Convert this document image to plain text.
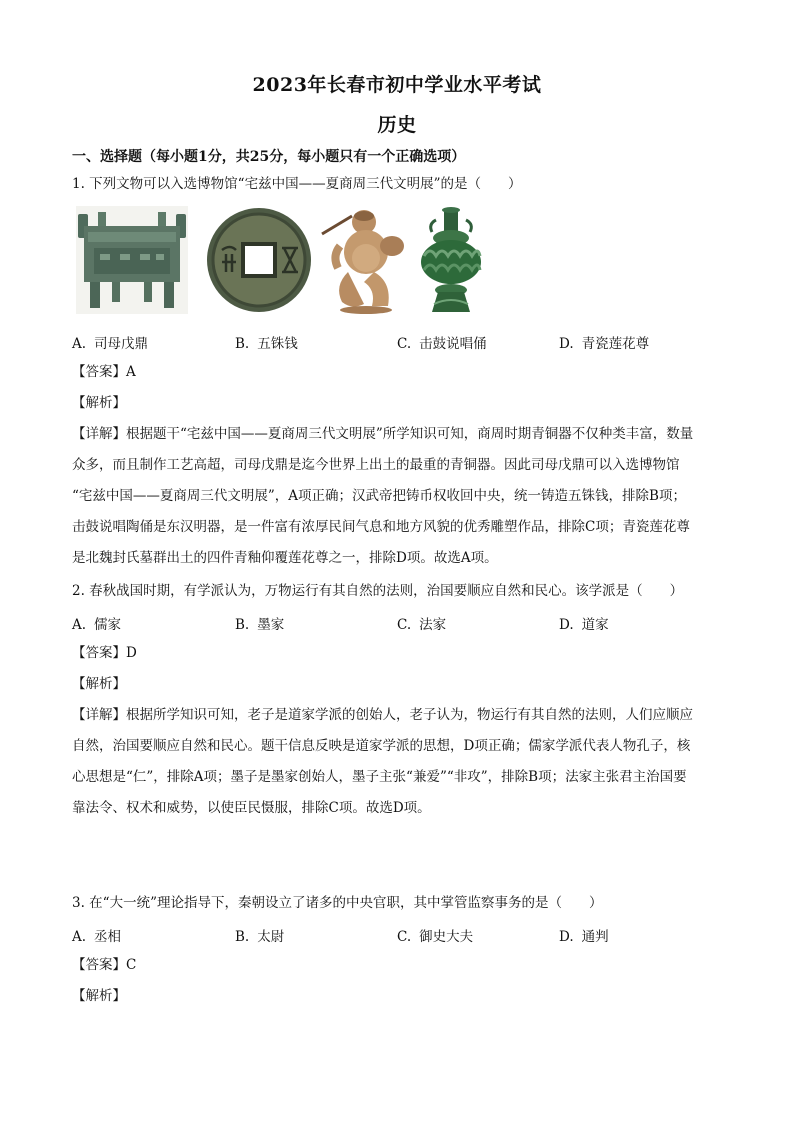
2023年长春市初中学业水平考试
历史
一、选择题（每小题1分，共25分，每小题只有一个正确选项）
1. 下列文物可以入选博物馆“宅兹中国——夏商周三代文明展”的是（　　）
A. 司母戊鼎	B. 五铢钱	C. 击鼓说唱俑	D. 青瓷莲花尊
【答案】A
【解析】
【详解】根据题干“宅兹中国——夏商周三代文明展”所学知识可知，商周时期青铜器不仅种类丰富，数量
众多，而且制作工艺高超，司母戊鼎是迄今世界上出土的最重的青铜器。因此司母戊鼎可以入选博物馆
“宅兹中国——夏商周三代文明展”，A项正确；汉武帝把铸币权收回中央，统一铸造五铢钱，排除B项；
击鼓说唱陶俑是东汉明器，是一件富有浓厚民间气息和地方风貌的优秀雕塑作品，排除C项；青瓷莲花尊
是北魏封氏墓群出土的四件青釉仰覆莲花尊之一，排除D项。故选A项。
2. 春秋战国时期，有学派认为，万物运行有其自然的法则，治国要顺应自然和民心。该学派是（　　）
A. 儒家	B. 墨家	C. 法家	D. 道家
【答案】D
【解析】
【详解】根据所学知识可知，老子是道家学派的创始人，老子认为，物运行有其自然的法则，人们应顺应
自然，治国要顺应自然和民心。题干信息反映是道家学派的思想，D项正确；儒家学派代表人物孔子，核
心思想是“仁”，排除A项；墨子是墨家创始人，墨子主张“兼爱”“非攻”，排除B项；法家主张君主治国要
靠法令、权术和威势，以使臣民慑服，排除C项。故选D项。
3. 在“大一统”理论指导下，秦朝设立了诸多的中央官职，其中掌管监察事务的是（　　）
A. 丞相	B. 太尉	C. 御史大夫	D. 通判
【答案】C
【解析】
